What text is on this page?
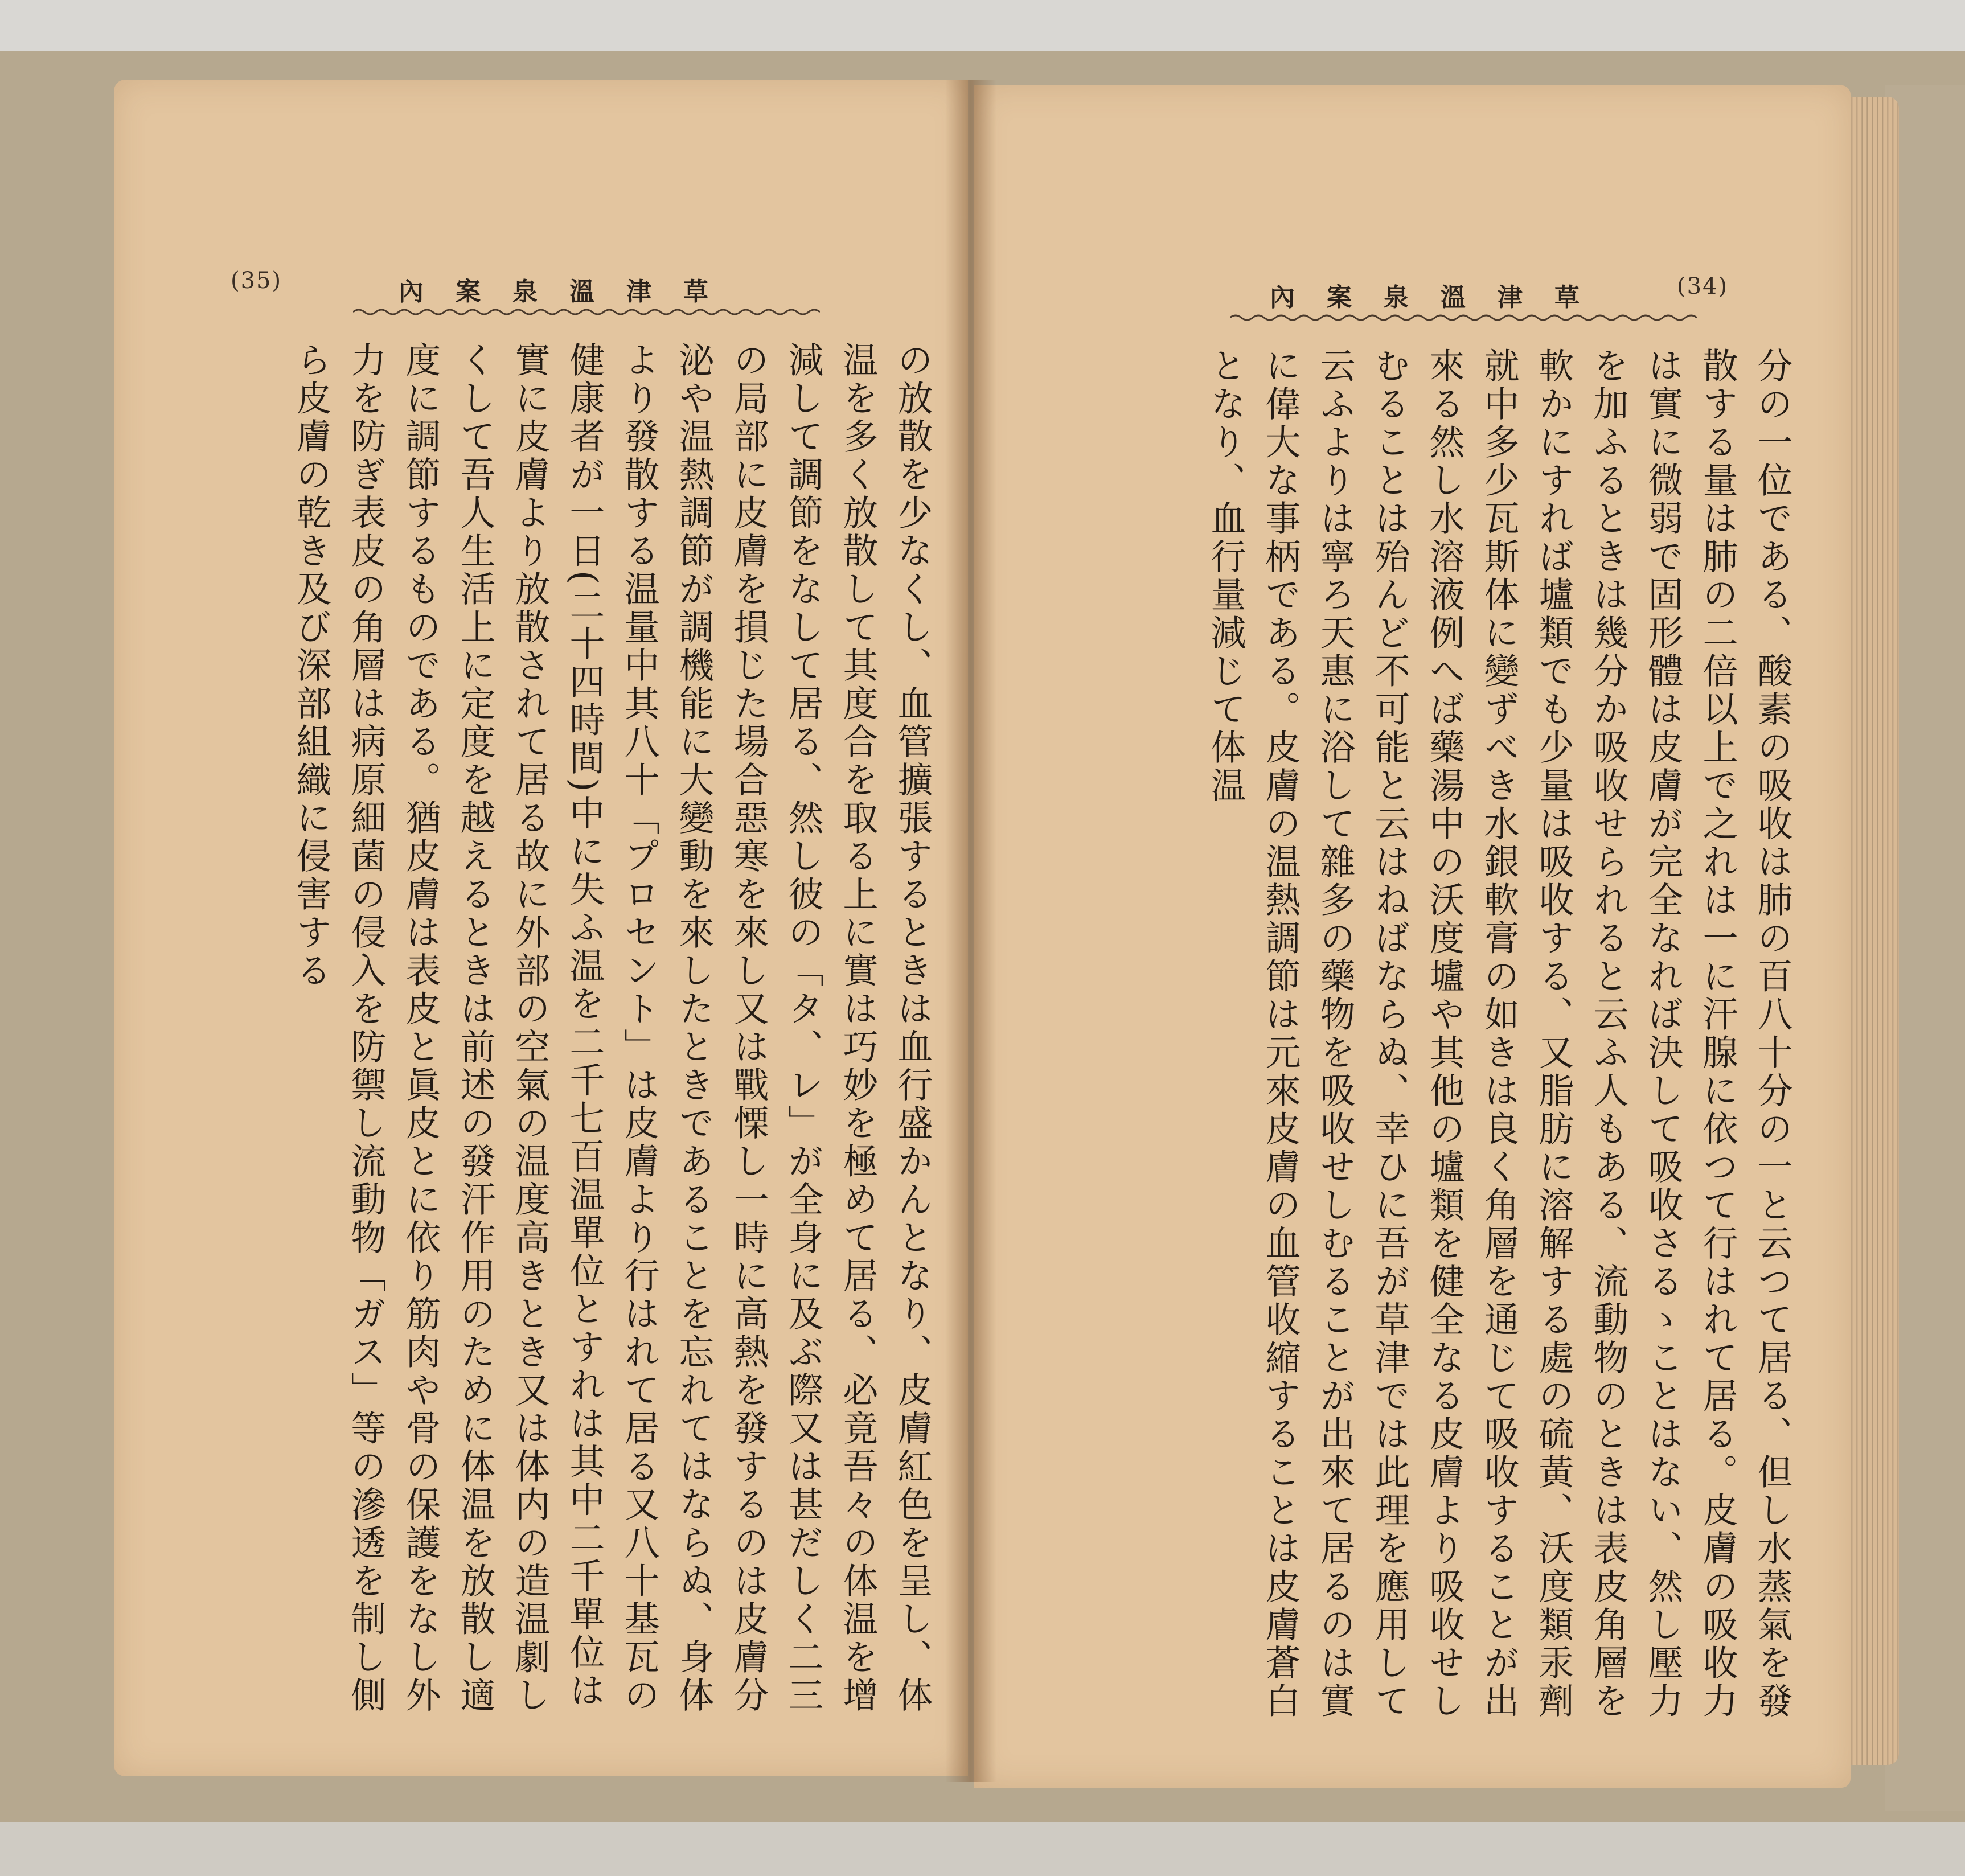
(35)	內　案　泉　溫　津　草
の放散を少なくし、血管擴張するときは血行盛かんとなり、皮膚紅色を呈し、体温を多く放散して其度合を取る上に實は巧妙を極めて居る、必竟吾々の体温を增減して調節をなして居る、然し彼の「タ、レ」が全身に及ぶ際又は甚だしく二三の局部に皮膚を損じた場合惡寒を來し又は戰慄し一時に高熱を發するのは皮膚分泌や温熱調節が調機能に大變動を來したときであることを忘れてはならぬ、身体より發散する温量中其八十「プロセント」は皮膚より行はれて居る又八十基瓦の健康者が一日(二十四時間)中に失ふ温を二千七百温單位とすれは其中二千單位は實に皮膚より放散されて居る故に外部の空氣の温度高きとき又は体内の造温劇しくして吾人生活上に定度を越えるときは前述の發汗作用のために体温を放散し適度に調節するものである。猶皮膚は表皮と眞皮とに依り筋肉や骨の保護をなし外力を防ぎ表皮の角層は病原細菌の侵入を防禦し流動物「ガス」等の滲透を制し側ら皮膚の乾き及び深部組織に侵害する
內　案　泉　溫　津　草	(34)
分の一位である、酸素の吸收は肺の百八十分の一と云つて居る、但し水蒸氣を發散する量は肺の二倍以上で之れは一に汗腺に依つて行はれて居る。皮膚の吸收力は實に微弱で固形體は皮膚が完全なれば決して吸收さるゝことはない、然し壓力を加ふるときは幾分か吸收せられると云ふ人もある、流動物のときは表皮角層を軟かにすれば壚類でも少量は吸收する、又脂肪に溶解する處の硫黃、沃度類汞劑就中多少瓦斯体に變ずべき水銀軟膏の如きは良く角層を通じて吸收することが出來る然し水溶液例へば藥湯中の沃度壚や其他の壚類を健全なる皮膚より吸收せしむることは殆んど不可能と云はねばならぬ、幸ひに吾が草津では此理を應用して云ふよりは寧ろ天惠に浴して雜多の藥物を吸收せしむることが出來て居るのは實に偉大な事柄である。皮膚の温熱調節は元來皮膚の血管收縮することは皮膚蒼白となり、血行量減じて体温
